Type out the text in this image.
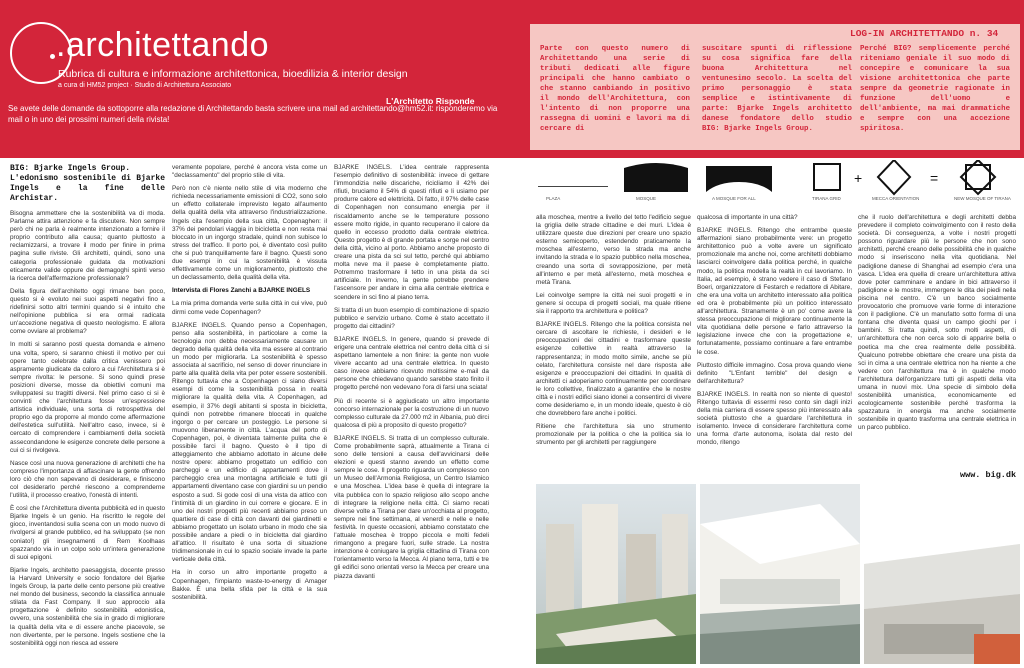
.architettando
Rubrica di cultura e informazione architettonica, bioedilizia & interior design
a cura di HM52 project · Studio di Architettura Associato
L'Architetto Risponde
Se avete delle domande da sottoporre alla redazione di Architettando basta scrivere una mail ad architettando@hm52.it: risponderemo via mail o in uno dei prossimi numeri della rivista!
LOG-IN ARCHITETTANDO n. 34
Parte con questo numero di Architettando una serie di tributi dedicati alle figure principali che hanno cambiato o che stanno cambiando in positivo il mondo dell'Architettura, con l'intento di non proporre una rassegna di uomini e lavori ma di cercare di
suscitare spunti di riflessione su cosa significa fare della buona Architettura nel ventunesimo secolo. La scelta del primo personaggio è stata semplice e istintivamente di parte: Bjarke Ingels architetto danese fondatore dello studio BIG: Bjarke Ingels Group.
Perché BIG? semplicemente perché riteniamo geniale il suo modo di concepire e comunicare la sua visione architettonica che parte sempre da geometrie ragionate in funzione dell'uomo e dell'ambiente, ma mai drammatiche e sempre con una accezione spiritosa.
BIG: Bjarke Ingels Group.
L'edonismo sostenibile di Bjarke Ingels e la fine delle Archistar.

Bisogna ammettere che la sostenibilità va di moda. Parlarne attira attenzione e fa discutere. Non sempre però chi ne parla è realmente intenzionato a fornire il proprio contributo alla causa; quanto piuttosto a reclamizzarsi, a trovare il modo per finire in prima pagina sulle riviste. Gli architetti, quindi, sono una categoria professionale guidata da motivazioni eticamente valide oppure dei demagoghi spinti verso la ricerca dell'affermazione professionale?

Della figura dell'architetto oggi rimane ben poco, questo si è evoluto nei suoi aspetti negativi fino a ridefinirsi sotto altri termini quando si è intuito che nell'opinione pubblica si era ormai radicata un'accezione negativa di questo neologismo. E allora come ovviare al problema?

In molti si saranno posti questa domanda e almeno una volta, spero, si saranno chiesti il motivo per cui opere tanto celebrate dalla critica venissero poi aspramente giudicate da coloro a cui l'Architettura si è sempre rivolta: le persone. Si sono quindi prese posizioni diverse, mosse da obiettivi comuni ma sviluppatesi su tragitti diversi. Nel primo caso ci si è convinti che l'architettura fosse un'espressione artistica individuale, una sorta di retrospettiva del proprio ego da proporre al mondo come affermazione dell'estetica sull'utilità. Nell'altro caso, invece, si è cercato di comprendere i cambiamenti della società assecondandone le esigenze concrete delle persone a cui ci si rivolgeva.

Nasce così una nuova generazione di architetti che ha compreso l'importanza di affascinare la gente offrendo loro ciò che non sapevano di desiderare, e finiscono col desiderarlo perché riescono a comprenderne l'utilità, il processo creativo, l'onestà di intenti.

È così che l'Architettura diventa pubblicità ed in questo Bjarke Ingels è un genio. Ha riscritto le regole del gioco, inventandosi sulla scena con un modo nuovo di rivolgersi al grande pubblico, ed ha sviluppato (se non coniato!) gli insegnamenti di Rem Koolhaas spazzando via in un colpo solo un'intera generazione di suoi epigoni.

Bjarke Ingels, architetto paesaggista, docente presso la Harvard University e socio fondatore del Bjarke Ingels Group, la parte delle cento persone più creative nel mondo del business, secondo la classifica annuale stilata da Fast Company. Il suo approccio alla progettazione è definito sostenibilità edonistica, ovvero, una sostenibilità che sia in grado di migliorare la qualità della vita e di essere anche piacevole, se non divertente, per le persone. Ingels sostiene che la sostenibilità oggi non riesca ad essere

veramente popolare, perché è ancora vista come un "declassamento" del proprio stile di vita.

Però non c'è niente nello stile di vita moderno che richieda necessariamente emissioni di CO2, sono solo un effetto collaterale imprevisto legato all'aumento della qualità della vita attraverso l'industrializzazione. Ingels cita l'esempio della sua città, Copenaghen: il 37% dei pendolari viaggia in bicicletta e non resta mai bloccato in un ingorgo stradale, quindi non subisce lo stress del traffico. Il porto poi, è diventato così pulito che si può tranquillamente fare il bagno. Questi sono due esempi in cui la sostenibilità è vissuta effettivamente come un miglioramento, piuttosto che un declassamento, della qualità della vita.

Intervista di Flores Zanchi a BJARKE INGELS

La mia prima domanda verte sulla città in cui vive, può dirmi come vede Copenhagen?

BJARKE INGELS. Quando penso a Copenhagen, penso alla sostenibilità, in particolare a come la tecnologia non debba necessariamente causare un degrado della qualità della vita ma essere al contrario un modo per migliorarla. La sostenibilità è spesso associata al sacrificio, nel senso di dover rinunciare in parte alla qualità della vita per poter essere sostenibili. Ritengo tuttavia che a Copenhagen ci siano diversi esempi di come la sostenibilità possa in realtà migliorare la qualità della vita. A Copenhagen, ad esempio, il 37% degli abitanti si sposta in bicicletta, quindi non potrebbe rimanere bloccati in qualche ingorgo o per cercare un posteggio. Le persone si muovono liberamente in città. L'acqua del porto di Copenhagen, poi, è diventata talmente pulita che è possibile farci il bagno. Questo è il tipo di atteggiamento che abbiamo adottato in alcune delle nostre opere: abbiamo progettato un edificio con parcheggi e un edificio di appartamenti dove il parcheggio crea una montagna artificiale e tutti gli appartamenti diventano case con giardini su un pendio esposto a sud. Si gode così di una vista da attico con l'intimità di un giardino in cui correre e giocare. E in uno dei nostri progetti più recenti abbiamo preso un quartiere di case di città con davanti dei giardinetti e abbiamo progettato un isolato urbano in modo che sia possibile andare a piedi o in bicicletta dal giardino all'attico. Il risultato è una sorta di situazione tridimensionale in cui lo spazio sociale invade la parte verticale della città.

Ha in corso un altro importante progetto a Copenhagen, l'impianto waste-to-energy di Amager Bakke. È una bella sfida per la città e la sua sostenibilità.

BJARKE INGELS. L'idea centrale rappresenta l'esempio definitivo di sostenibilità: invece di gettare l'immondizia nelle discariche, ricicliamo il 42% dei rifiuti, bruciamo il 54% di questi rifiuti e li usiamo per produrre calore ed elettricità. Di fatto, il 97% delle case di Copenhagen non consumano energia per il riscaldamento anche se le temperature possono essere molto rigide, in quanto recuperano il calore da quello in eccesso prodotto dalla centrale elettrica. Questo progetto è di grande portata e sorge nel centro della città, vicino al porto. Abbiamo anche proposto di creare una pista da sci sul tetto, perché qui abbiamo molta neve ma il paese è completamente piatto. Potremmo trasformare il tetto in una pista da sci artificiale. In inverno, la gente potrebbe prendere l'ascensore per andare in cima alla centrale elettrica e scendere in sci fino al piano terra.

Si tratta di un buon esempio di combinazione di spazio pubblico e servizio urbano. Come è stato accettato il progetto dai cittadini?

BJARKE INGELS. In genere, quando si prevede di erigere una centrale elettrica nel centro della città ci si aspettano lamentele a non finire: la gente non vuole vivere accanto ad una centrale elettrica. In questo caso invece abbiamo ricevuto moltissime e-mail da persone che chiedevano quando sarebbe stato finito il progetto perché non vedevano l'ora di farsi una sciata!

Più di recente si è aggiudicato un altro importante concorso internazionale per la costruzione di un nuovo complesso culturale da 27.000 m2 in Albania, può dirci qualcosa di più a proposito di questo progetto?

BJARKE INGELS. Si tratta di un complesso culturale. Come probabilmente saprà, attualmente a Tirana ci sono delle tensioni a causa dell'avvicinarsi delle elezioni e questi stanno avendo un effetto come sempre le cose. Il progetto riguarda un complesso con un Museo dell'Armonia Religiosa, un Centro Islamico e una Moschea. L'idea base è quella di integrare la vita pubblica con lo spazio religioso allo scopo anche di integrare la religione nella città. Ci siamo recati diverse volte a Tirana per dare un'occhiata al progetto, sempre nei fine settimana, al venerdì e nelle e nelle festività. In queste occasioni, abbiamo constatato che l'attuale moschea è troppo piccola e molti fedeli rimangono a pregare fuori, sulle strade. La nostra intenzione è coniugare la griglia cittadina di Tirana con l'orientamento verso la Mecca. Al piano terra, tutti e tre gli edifici sono orientati verso la Mecca per creare una piazza davanti

+	=
PLAZA	MOSQUE	A MOSQUE FOR ALL	TIRANA GRID	MECCA ORIENTATION	NEW MOSQUE OF TIRANA

alla moschea, mentre a livello del tetto l'edificio segue la griglia delle strade cittadine e dei muri. L'idea è utilizzare queste due direzioni per creare uno spazio esterno semicoperto, estendendo praticamente la moschea all'esterno, verso la strada ma anche invitando la strada e lo spazio pubblico nella moschea, creando una sorta di sovrapposizione, per metà all'interno e per metà all'esterno, metà moschea e metà Tirana.

Lei coinvolge sempre la città nei suoi progetti e in genere si occupa di progetti sociali, ma quale ritiene sia il rapporto tra architettura e politica?

BJARKE INGELS. Ritengo che la politica consista nel cercare di ascoltare le richieste, i desideri e le preoccupazioni dei cittadini e trasformare queste esigenze collettive in realtà attraverso la rappresentanza; in modo molto simile, anche se più celato, l'architettura consiste nel dare risposta alle esigenze e preoccupazioni dei cittadini. In qualità di architetti ci adoperiamo continuamente per coordinare le loro collettive, finalizzato a garantire che le nostre città e i nostri edifici siano idonei a consentirci di vivere come desideriamo e, in un mondo ideale, questo è ciò che dovrebbero fare anche i politici.

Ritiene che l'architettura sia uno strumento promozionale per la politica o che la politica sia lo strumento per gli architetti per raggiungere

qualcosa di importante in una città?

BJARKE INGELS. Ritengo che entrambe queste affermazioni siano probabilmente vere: un progetto architettonico può a volte avere un significato promozionale ma anche noi, come architetti dobbiamo lasciarci coinvolgere dalla politica perché, in qualche modo, la politica modella la realtà in cui lavoriamo. In Italia, ad esempio, è strano vedere il caso di Stefano Boeri, organizzatore di Festarch e redattore di Abitare, che era una volta un architetto interessato alla politica ed ora è probabilmente più un politico interessato all'architettura. Stranamente è un po' come avere la stessa preoccupazione di migliorare continuamente la vita quotidiana delle persone e farlo attraverso la legislazione invece che con la progettazione e, fortunatamente, possiamo continuare a fare entrambe le cose.

Piuttosto difficile immagino. Cosa prova quando viene definito "L'Enfant terrible" del design e dell'architettura?

BJARKE INGELS. In realtà non so niente di questo! Ritengo tuttavia di essermi reso conto sin dagli inizi della mia carriera di essere spesso più interessato alla società piuttosto che a guardare l'architettura in isolamento. Invece di considerare l'architettura come una forma d'arte autonoma, isolata dal resto del mondo, ritengo

che il ruolo dell'architettura e degli architetti debba prevedere il completo coinvolgimento con il resto della società. Di conseguenza, a volte i nostri progetti possono riguardare più le persone che non sono architetti, perché creano delle possibilità che in qualche modo si inseriscono nella vita quotidiana. Nel padiglione danese di Shanghai ad esempio c'era una vasca. L'idea era quella di creare un'architettura attiva dove poter camminare e andare in bici attraverso il padiglione e le mostre, immergere le dita dei piedi nella piscina nel centro. C'è un banco socialmente provocatorio che promuove varie forme di interazione con il padiglione. C'è un manufatto sotto forma di una fontana che diventa quasi un campo giochi per i bambini. Si tratta quindi, sotto molti aspetti, di un'architettura che non cerca solo di apparire bella o poetica ma che crea realmente delle possibilità. Qualcuno potrebbe obiettare che creare una pista da sci in cima a una centrale elettrica non ha niente a che vedere con l'architettura ma è in qualche modo l'architettura dell'organizzare tutti gli aspetti della vita umana in nuovi mix. Una specie di simbolo della sostenibilità umanistica, economicamente ed ecologicamente sostenibile perché trasforma la spazzatura in energia ma anche socialmente sostenibile in quanto trasforma una centrale elettrica in un parco pubblico.

www. big.dk
